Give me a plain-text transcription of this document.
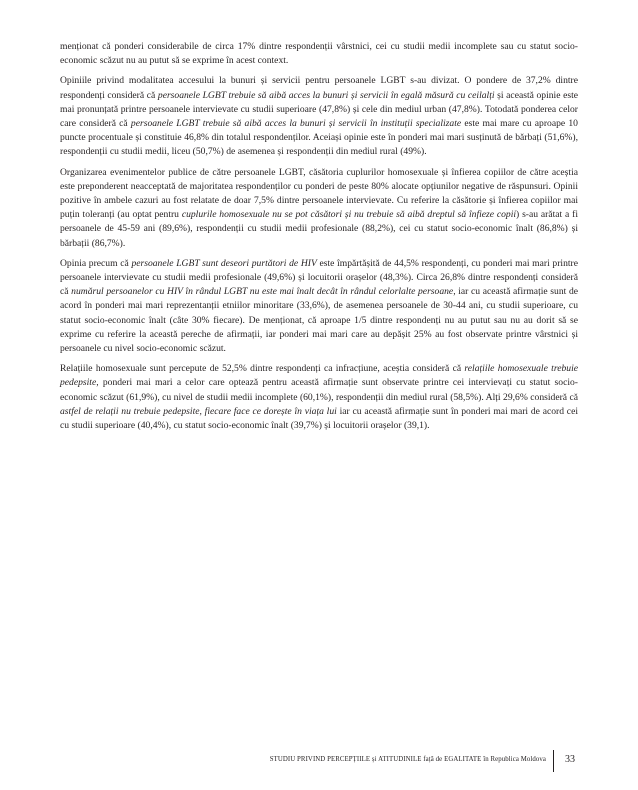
menționat că ponderi considerabile de circa 17% dintre respondenții vârstnici, cei cu studii medii incomplete sau cu statut socio-economic scăzut nu au putut să se exprime în acest context.

Opiniile privind modalitatea accesului la bunuri și servicii pentru persoanele LGBT s-au divizat. O pondere de 37,2% dintre respondenți consideră că persoanele LGBT trebuie să aibă acces la bunuri și servicii în egală măsură cu ceilalți și această opinie este mai pronunțată printre persoanele intervievate cu studii superioare (47,8%) și cele din mediul urban (47,8%). Totodată ponderea celor care consideră că persoanele LGBT trebuie să aibă acces la bunuri și servicii în instituții specializate este mai mare cu aproape 10 puncte procentuale și constituie 46,8% din totalul respondenților. Aceiași opinie este în ponderi mai mari susținută de bărbați (51,6%), respondenții cu studii medii, liceu (50,7%) de asemenea și respondenții din mediul rural (49%).

Organizarea evenimentelor publice de către persoanele LGBT, căsătoria cuplurilor homosexuale și înfierea copiilor de către aceștia este preponderent neacceptată de majoritatea respondenților cu ponderi de peste 80% alocate opțiunilor negative de răspunsuri. Opinii pozitive în ambele cazuri au fost relatate de doar 7,5% dintre persoanele intervievate. Cu referire la căsătorie și înfierea copiilor mai puțin toleranți (au optat pentru cuplurile homosexuale nu se pot căsători și nu trebuie să aibă dreptul să înfieze copii) s-au arătat a fi persoanele de 45-59 ani (89,6%), respondenții cu studii medii profesionale (88,2%), cei cu statut socio-economic înalt (86,8%) și bărbații (86,7%).

Opinia precum că persoanele LGBT sunt deseori purtători de HIV este împărtășită de 44,5% respondenți, cu ponderi mai mari printre persoanele intervievate cu studii medii profesionale (49,6%) și locuitorii orașelor (48,3%). Circa 26,8% dintre respondenți consideră că numărul persoanelor cu HIV în rândul LGBT nu este mai înalt decât în rândul celorlalte persoane, iar cu această afirmație sunt de acord în ponderi mai mari reprezentanții etniilor minoritare (33,6%), de asemenea persoanele de 30-44 ani, cu studii superioare, cu statut socio-economic înalt (câte 30% fiecare). De menționat, că aproape 1/5 dintre respondenți nu au putut sau nu au dorit să se exprime cu referire la această pereche de afirmații, iar ponderi mai mari care au depășit 25% au fost observate printre vârstnici și persoanele cu nivel socio-economic scăzut.

Relațiile homosexuale sunt percepute de 52,5% dintre respondenți ca infracțiune, aceștia consideră că relațiile homosexuale trebuie pedepsite, ponderi mai mari a celor care optează pentru această afirmație sunt observate printre cei intervievați cu statut socio-economic scăzut (61,9%), cu nivel de studii medii incomplete (60,1%), respondenții din mediul rural (58,5%). Alți 29,6% consideră că astfel de relații nu trebuie pedepsite, fiecare face ce dorește în viața lui iar cu această afirmație sunt în ponderi mai mari de acord cei cu studii superioare (40,4%), cu statut socio-economic înalt (39,7%) și locuitorii orașelor (39,1).

STUDIU PRIVIND PERCEPȚIILE și ATITUDINILE față de EGALITATE în Republica Moldova 33
